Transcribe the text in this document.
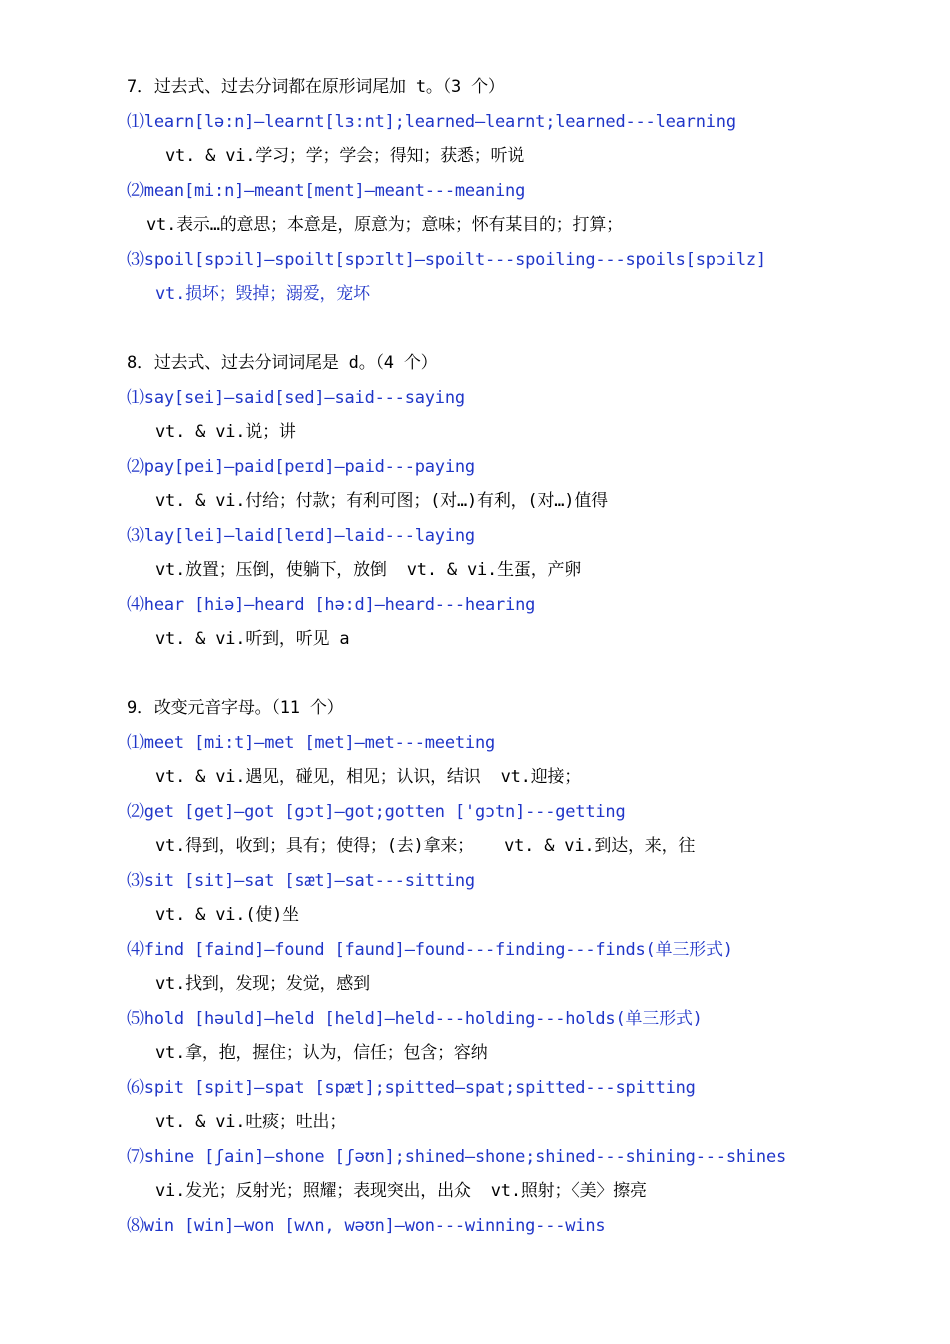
7．过去式、过去分词都在原形词尾加 t。（3 个）
⑴learn[lə:n]—learnt[lɜ:nt];learned—learnt;learned---learning
vt. & vi.学习；学；学会；得知；获悉；听说
⑵mean[mi:n]—meant[ment]—meant---meaning
vt.表示…的意思；本意是，原意为；意味；怀有某目的；打算；
⑶spoil[spɔil]—spoilt[spɔɪlt]—spoilt---spoiling---spoils[spɔilz]
vt.损坏；毁掉；溺爱，宠坏
8．过去式、过去分词词尾是 d。（4 个）
⑴say[sei]—said[sed]—said---saying
vt. & vi.说；讲
⑵pay[pei]—paid[peɪd]—paid---paying
vt. & vi.付给；付款；有利可图；(对…)有利，(对…)值得
⑶lay[lei]—laid[leɪd]—laid---laying
vt.放置；压倒，使躺下，放倒  vt. & vi.生蛋，产卵
⑷hear [hiə]—heard [hə:d]—heard---hearing
vt. & vi.听到，听见 a
9．改变元音字母。（11 个）
⑴meet [mi:t]—met [met]—met---meeting
vt. & vi.遇见，碰见，相见；认识，结识  vt.迎接；
⑵get [get]—got [gɔt]—got;gotten ['gɔtn]---getting
vt.得到，收到；具有；使得；(去)拿来；   vt. & vi.到达，来，往
⑶sit [sit]—sat [sæt]—sat---sitting
vt. & vi.(使)坐
⑷find [faind]—found [faund]—found---finding---finds(单三形式)
vt.找到，发现；发觉，感到
⑸hold [həuld]—held [held]—held---holding---holds(单三形式)
vt.拿，抱，握住；认为，信任；包含；容纳
⑹spit [spit]—spat [spæt];spitted—spat;spitted---spitting
vt. & vi.吐痰；吐出；
⑺shine [ʃain]—shone [ʃəʊn];shined—shone;shined---shining---shines
vi.发光；反射光；照耀；表现突出，出众  vt.照射；〈美〉擦亮
⑻win [win]—won [wʌn, wəʊn]—won---winning---wins
